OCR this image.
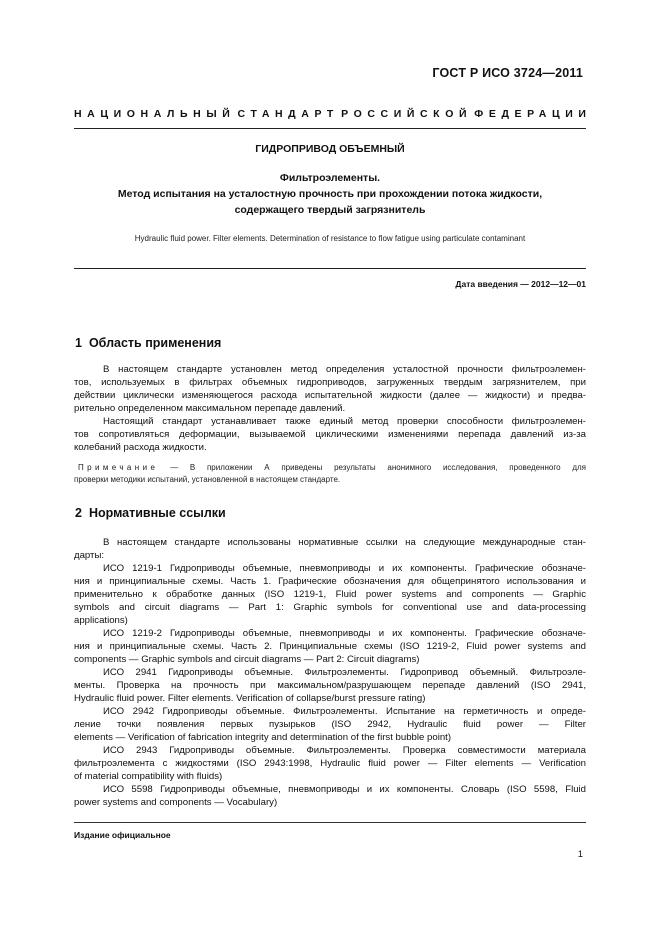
ГОСТ Р ИСО 3724—2011
НАЦИОНАЛЬНЫЙ СТАНДАРТ РОССИЙСКОЙ ФЕДЕРАЦИИ
ГИДРОПРИВОД ОБЪЕМНЫЙ
Фильтроэлементы.
Метод испытания на усталостную прочность при прохождении потока жидкости,
содержащего твердый загрязнитель
Hydraulic fluid power. Filter elements. Determination of resistance to flow fatigue using particulate contaminant
Дата введения — 2012—12—01
1 Область применения
В настоящем стандарте установлен метод определения усталостной прочности фильтроэлемен-
тов, используемых в фильтрах объемных гидроприводов, загруженных твердым загрязнителем, при
действии циклически изменяющегося расхода испытательной жидкости (далее — жидкости) и предва-
рительно определенном максимальном перепаде давлений.
Настоящий стандарт устанавливает также единый метод проверки способности фильтроэлемен-
тов сопротивляться деформации, вызываемой циклическими изменениями перепада давлений из-за
колебаний расхода жидкости.
Примечание — В приложении А приведены результаты анонимного исследования, проведенного для
проверки методики испытаний, установленной в настоящем стандарте.
2 Нормативные ссылки
В настоящем стандарте использованы нормативные ссылки на следующие международные стан-
дарты:
ИСО 1219-1 Гидроприводы объемные, пневмоприводы и их компоненты. Графические обозначе-
ния и принципиальные схемы. Часть 1. Графические обозначения для общепринятого использования и
применительно к обработке данных (ISO 1219-1, Fluid power systems and components — Graphic
symbols and circuit diagrams — Part 1: Graphic symbols for conventional use and data-processing
applications)
ИСО 1219-2 Гидроприводы объемные, пневмоприводы и их компоненты. Графические обозначе-
ния и принципиальные схемы. Часть 2. Принципиальные схемы (ISO 1219-2, Fluid power systems and
components — Graphic symbols and circuit diagrams — Part 2: Circuit diagrams)
ИСО 2941 Гидроприводы объемные. Фильтроэлементы. Гидропривод объемный. Фильтроэле-
менты. Проверка на прочность при максимальном/разрушающем перепаде давлений (ISO 2941,
Hydraulic fluid power. Filter elements. Verification of collapse/burst pressure rating)
ИСО 2942 Гидроприводы объемные. Фильтроэлементы. Испытание на герметичность и опреде-
ление точки появления первых пузырьков (ISO 2942, Hydraulic fluid power — Filter
elements — Verification of fabrication integrity and determination of the first bubble point)
ИСО 2943 Гидроприводы объемные. Фильтроэлементы. Проверка совместимости материала
фильтроэлемента с жидкостями (ISO 2943:1998, Hydraulic fluid power — Filter elements — Verification
of material compatibility with fluids)
ИСО 5598 Гидроприводы объемные, пневмоприводы и их компоненты. Словарь (ISO 5598, Fluid
power systems and components — Vocabulary)
Издание официальное
1
